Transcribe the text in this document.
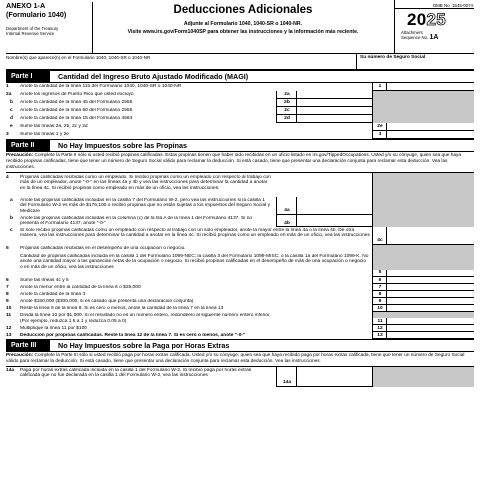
ANEXO 1-A
(Formulario 1040)
Department of the Treasury
Internal Revenue Service
Deducciones Adicionales
Adjunte al Formulario 1040, 1040-SR o 1040-NR.
Visite www.irs.gov/Form1040SP para obtener las instrucciones y la información más reciente.
OMB No. 1545-0074
2025
Attachment
Sequence No. 1A
Nombre(s) que aparece(n) en el Formulario 1040, 1040-SR o 1040-NR	Su número de Seguro Social
Parte I	Cantidad del Ingreso Bruto Ajustado Modificado (MAGI)
1	Anote la cantidad de la línea 11b del Formulario 1040, 1040-SR o 1040-NR	1
2a	Anote los ingresos de Puerto Rico que usted excluyó	2a
b	Anote la cantidad de la línea 45 del Formulario 2555	2b
c	Anote la cantidad de la línea 50 del Formulario 2555	2c
d	Anote la cantidad de la línea 15 del Formulario 4563	2d
e	Sume las líneas 2a, 2b, 2c y 2d	2e
3	Sume las líneas 1 y 2e	3
Parte II	No Hay Impuestos sobre las Propinas
Precaución: Complete la Parte II sólo si usted recibió propinas calificadas. Estas propinas tienen que haber sido recibidas en un oficio listado en irs.gov/TippedOccupations. Usted y/o su cónyuge, quien sea que haya recibido propinas calificadas, tiene que tener un número de Seguro Social válido para reclamar la deducción. Si está casado, tiene que presentar una declaración conjunta para reclamar esta deducción. Vea las instrucciones.
4	Propinas calificadas recibidas como un empleado. Si recibió propinas como un empleado con respecto al trabajo con más de un empleador, anote "-0-" en las líneas 4a y 4b y vea las instrucciones para determinar la cantidad a anotar en la línea 4c. Si recibió propinas como empleado en más de un oficio, vea las instrucciones.
a	Anote las propinas calificadas incluidas en la casilla 7 del Formulario W-2, pero vea las instrucciones si la casilla 1 del Formulario W-2 es más de $176,100 o recibió propinas que no están sujetas a los impuestos del Seguro Social y Medicare	4a
b	Anote las propinas calificadas incluidas en la columna (c) de la fila A de la línea 1 del Formulario 4137. Si no presenta el Formulario 4137, anote "-0-"	4b
c	Si sólo recibió propinas calificadas como un empleado con respecto al trabajo con un sólo empleador, anote la mayor entre la línea 4a o la línea 4b. De otra manera, vea las instrucciones para determinar la cantidad a anotar en la línea 4c. Si recibió propinas como un empleado en más de un oficio, vea las instrucciones
4c
5	Propinas calificadas recibidas en el desempeño de una ocupación o negocio.
Cantidad de propinas calificadas incluida en la casilla 1 del Formulario 1099-NEC; la casilla 3 del Formulario 1099-MISC; o la casilla 1a del Formulario 1099-K. No anote una cantidad mayor a las ganancias netas de la ocupación o negocio. Si recibió propinas calificadas en el desempeño de más de una ocupación o negocio o en más de un oficio, vea las instrucciones
5
6	Sume las líneas 4c y 5	6
7	Anote la menor entre la cantidad de la línea 6 o $25,000	7
8	Anote la cantidad de la línea 3	8
9	Anote $150,000 ($300,000, si es casado que presenta una declaración conjunta)	9
10	Reste la línea 9 de la línea 8. Si es cero o menos, anote la cantidad de la línea 7 en la línea 13	10
11	Divida la línea 10 por $1,000. Si el resultado no es un número entero, redondéelo al siguiente número entero inferior.
(Por ejemplo, reduzca 1.5 a 1 y reduzca 0.05 a 0)	11
12	Multiplique la línea 11 por $100	12
13	Deducción por propinas calificadas. Reste la línea 12 de la línea 7. Si es cero o menos, anote "-0-"	13
Parte III	No Hay Impuestos sobre la Paga por Horas Extras
Precaución: Complete la Parte III sólo si usted recibió paga por horas extras calificada. Usted y/o su cónyuge, quien sea que haya recibido paga por horas extras calificada, tiene que tener un número de Seguro Social válido para reclamar la deducción. Si está casado, tiene que presentar una declaración conjunta para reclamar esta deducción. Vea las instrucciones.
14a	Paga por horas extras calificada incluida en la casilla 1 del Formulario W-2. Si recibió paga por horas extras calificada que no fue declarada en la casilla 1 del Formulario W-2, vea las instrucciones
14a
